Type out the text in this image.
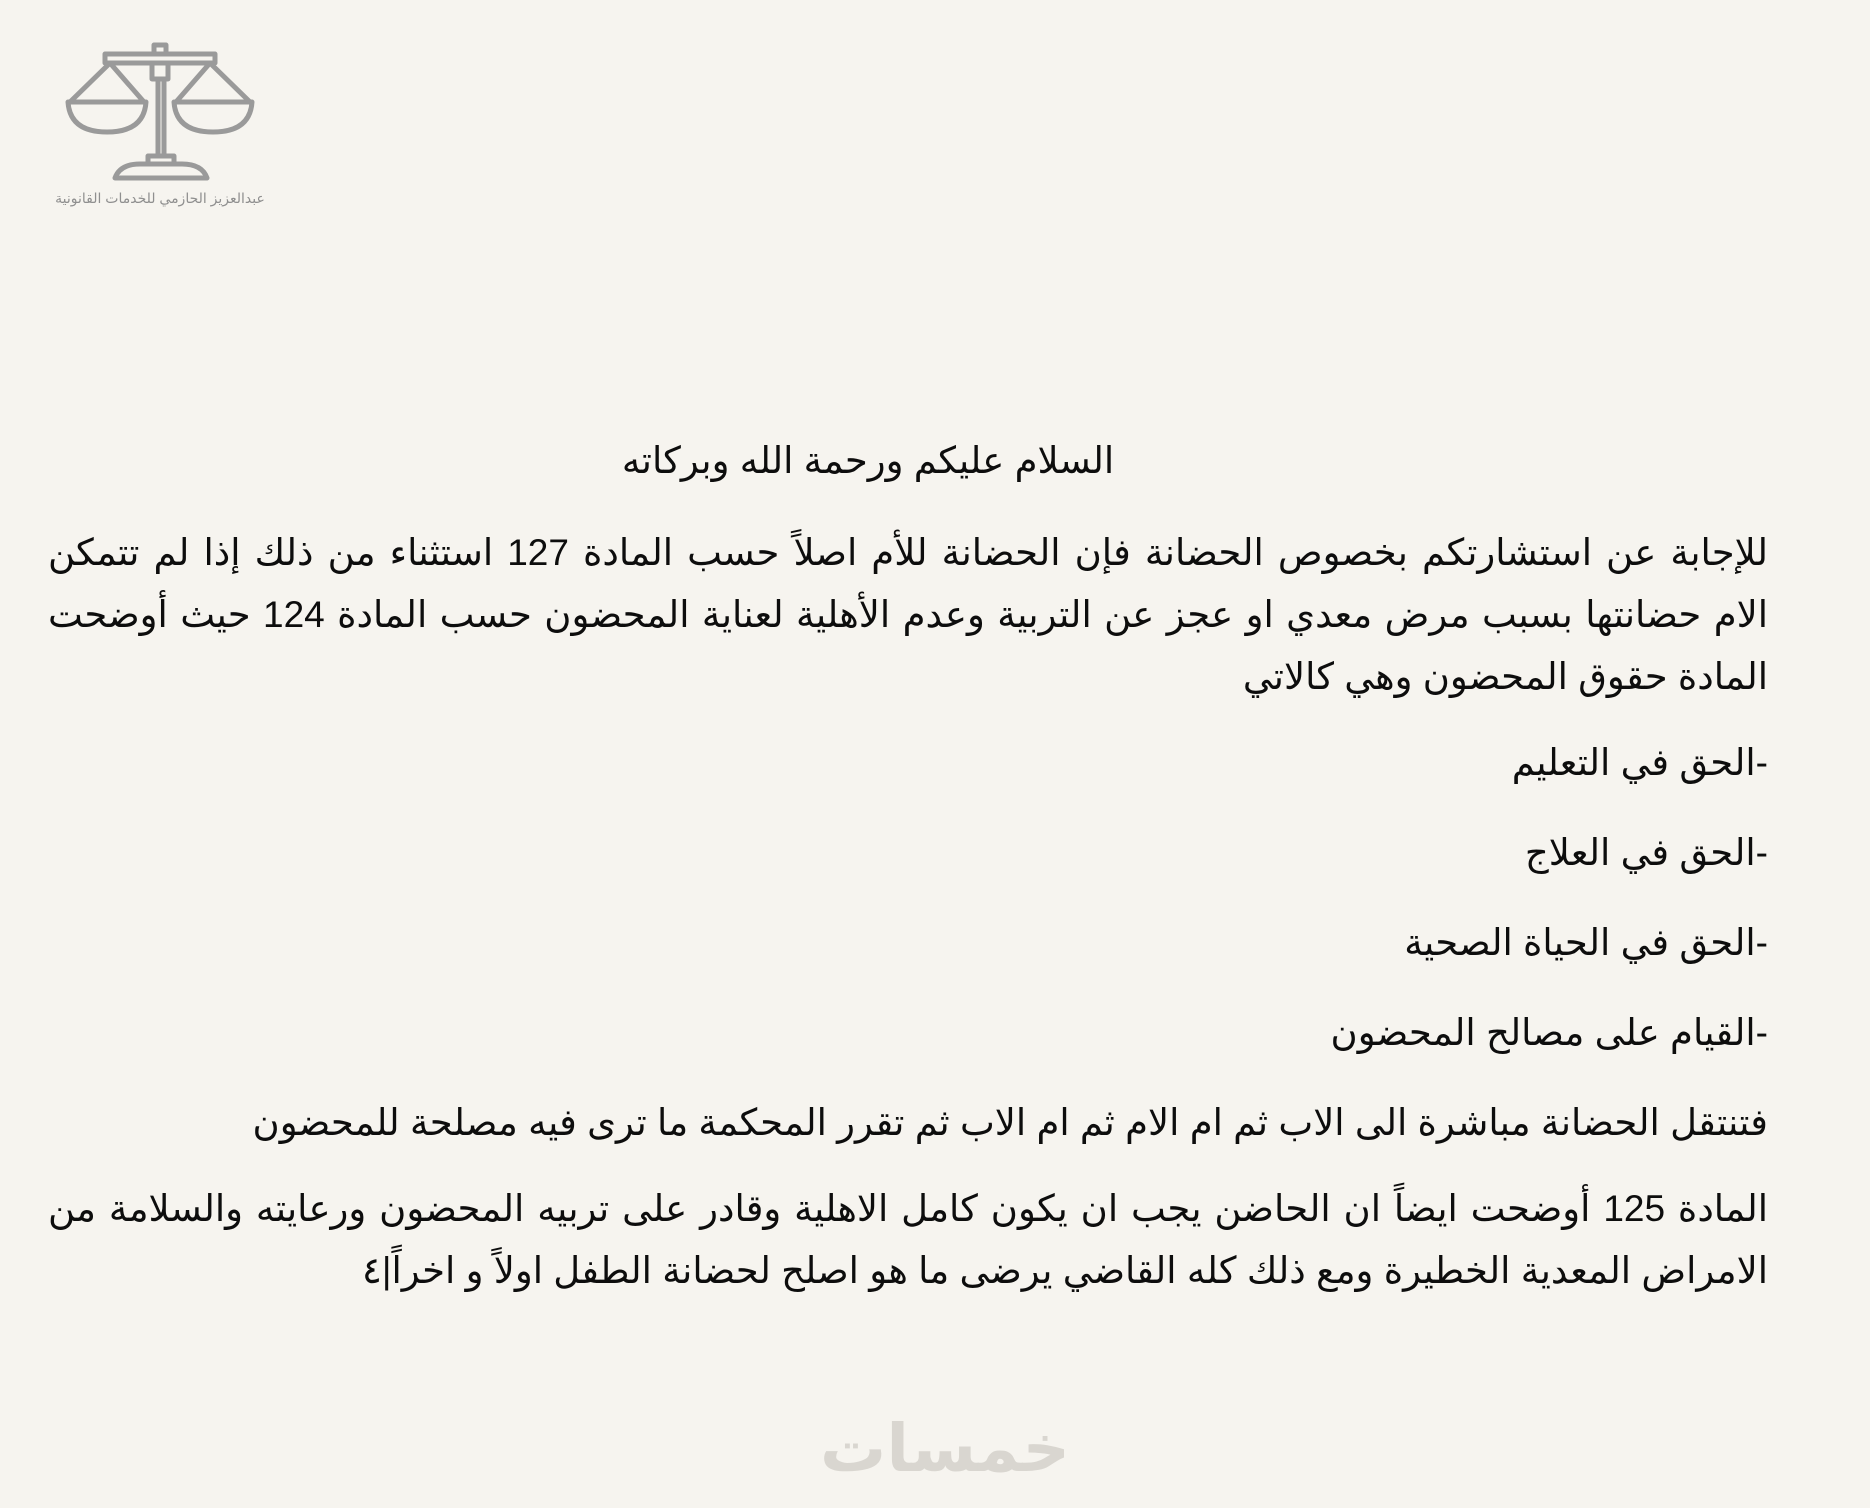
عبدالعزيز الحازمي للخدمات القانونية

السلام عليكم ورحمة الله وبركاته

للإجابة عن استشارتكم بخصوص الحضانة فإن الحضانة للأم اصلاً حسب المادة 127 استثناء من ذلك إذا لم تتمكن الام حضانتها بسبب مرض معدي او عجز عن التربية وعدم الأهلية لعناية المحضون حسب المادة 124 حيث أوضحت المادة حقوق المحضون وهي كالاتي

-الحق في التعليم

-الحق في العلاج

-الحق في الحياة الصحية

-القيام على مصالح المحضون

فتنتقل الحضانة مباشرة الى الاب ثم ام الام ثم ام الاب ثم تقرر المحكمة ما ترى فيه مصلحة للمحضون

المادة 125 أوضحت ايضاً ان الحاضن يجب ان يكون كامل الاهلية وقادر على تربيه المحضون ورعايته والسلامة من الامراض المعدية الخطيرة ومع ذلك كله القاضي يرضى ما هو اصلح لحضانة الطفل اولاً و اخراً|٤

خمسات
